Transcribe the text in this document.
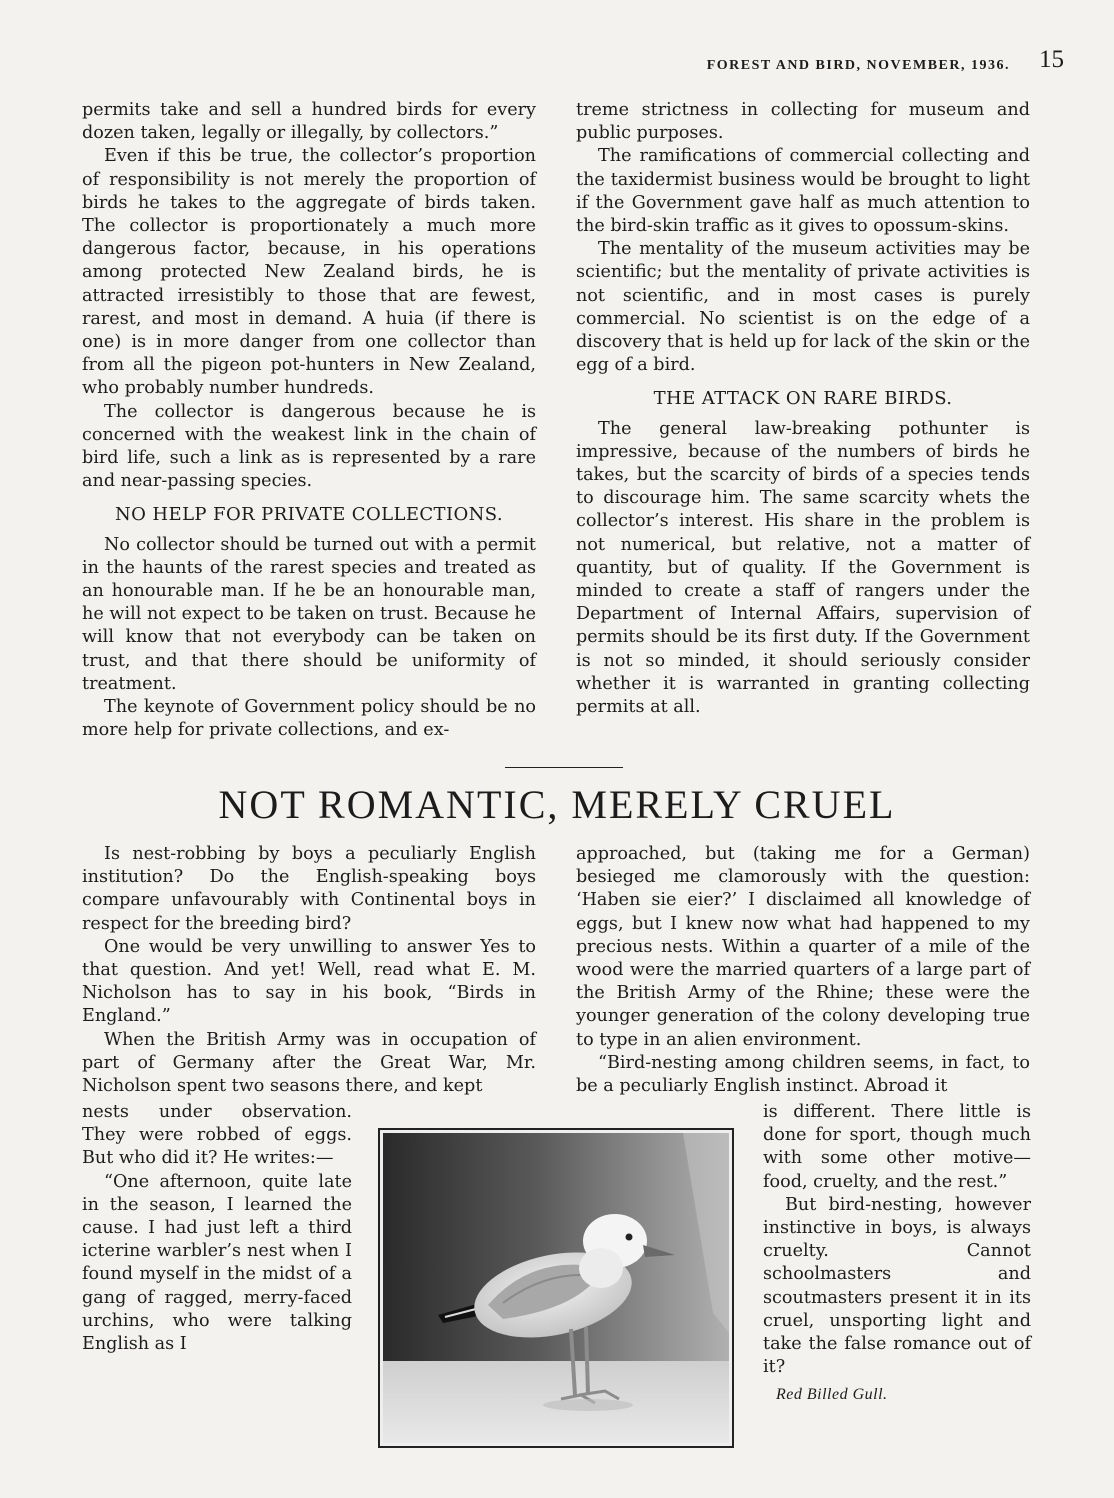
FOREST AND BIRD, NOVEMBER, 1936. 15

permits take and sell a hundred birds for every dozen taken, legally or illegally, by collectors.”

Even if this be true, the collector’s proportion of responsibility is not merely the proportion of birds he takes to the aggregate of birds taken. The collector is proportionately a much more dangerous factor, because, in his operations among protected New Zealand birds, he is attracted irresistibly to those that are fewest, rarest, and most in demand. A huia (if there is one) is in more danger from one collector than from all the pigeon pot-hunters in New Zealand, who probably number hundreds.

The collector is dangerous because he is concerned with the weakest link in the chain of bird life, such a link as is represented by a rare and near-passing species.

NO HELP FOR PRIVATE COLLECTIONS.

No collector should be turned out with a permit in the haunts of the rarest species and treated as an honourable man. If he be an honourable man, he will not expect to be taken on trust. Because he will know that not everybody can be taken on trust, and that there should be uniformity of treatment.

The keynote of Government policy should be no more help for private collections, and ex-

treme strictness in collecting for museum and public purposes.

The ramifications of commercial collecting and the taxidermist business would be brought to light if the Government gave half as much attention to the bird-skin traffic as it gives to opossum-skins.

The mentality of the museum activities may be scientific; but the mentality of private activities is not scientific, and in most cases is purely commercial. No scientist is on the edge of a discovery that is held up for lack of the skin or the egg of a bird.

THE ATTACK ON RARE BIRDS.

The general law-breaking pothunter is impressive, because of the numbers of birds he takes, but the scarcity of birds of a species tends to discourage him. The same scarcity whets the collector’s interest. His share in the problem is not numerical, but relative, not a matter of quantity, but of quality. If the Government is minded to create a staff of rangers under the Department of Internal Affairs, supervision of permits should be its first duty. If the Government is not so minded, it should seriously consider whether it is warranted in granting collecting permits at all.

NOT ROMANTIC, MERELY CRUEL

Is nest-robbing by boys a peculiarly English institution? Do the English-speaking boys compare unfavourably with Continental boys in respect for the breeding bird?

One would be very unwilling to answer Yes to that question. And yet! Well, read what E. M. Nicholson has to say in his book, “Birds in England.”

When the British Army was in occupation of part of Germany after the Great War, Mr. Nicholson spent two seasons there, and kept

nests under observation. They were robbed of eggs. But who did it? He writes:—

“One afternoon, quite late in the season, I learned the cause. I had just left a third icterine warbler’s nest when I found myself in the midst of a gang of ragged, merry-faced urchins, who were talking English as I

approached, but (taking me for a German) besieged me clamorously with the question: ‘Haben sie eier?’ I disclaimed all knowledge of eggs, but I knew now what had happened to my precious nests. Within a quarter of a mile of the wood were the married quarters of a large part of the British Army of the Rhine; these were the younger generation of the colony developing true to type in an alien environment.

“Bird-nesting among children seems, in fact, to be a peculiarly English instinct. Abroad it

is different. There little is done for sport, though much with some other motive—food, cruelty, and the rest.”

But bird-nesting, however instinctive in boys, is always cruelty. Cannot schoolmasters and scoutmasters present it in its cruel, unsporting light and take the false romance out of it?

Red Billed Gull.
